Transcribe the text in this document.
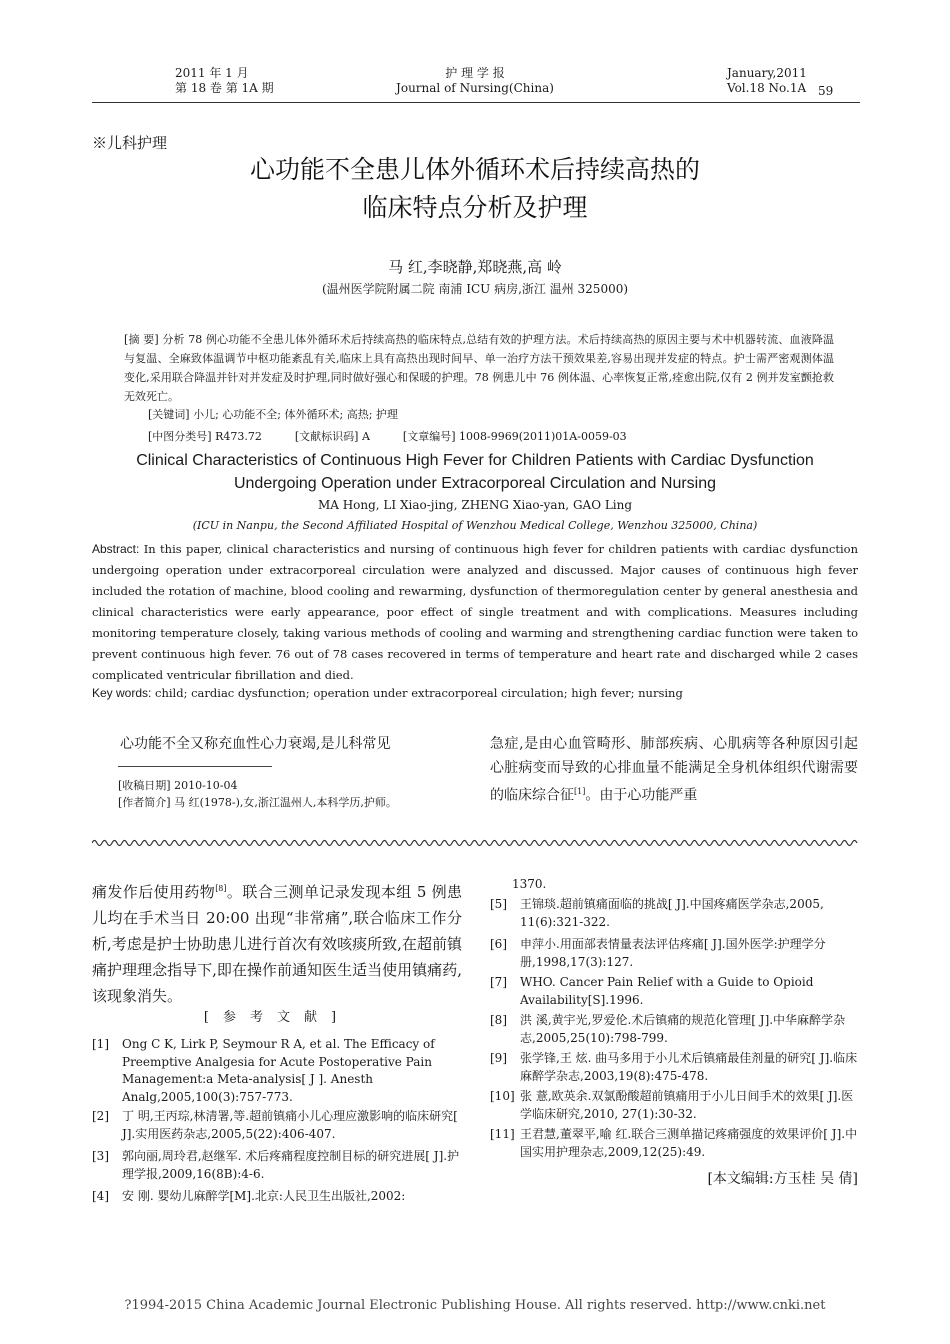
2011 年 1 月
第 18 卷 第 1A 期
护 理 学 报
Journal of Nursing(China)
January,2011
Vol.18 No.1A 59
※儿科护理
心功能不全患儿体外循环术后持续高热的
临床特点分析及护理
马 红,李晓静,郑晓燕,高 岭
(温州医学院附属二院 南浦 ICU 病房,浙江 温州 325000)
[摘 要] 分析 78 例心功能不全患儿体外循环术后持续高热的临床特点,总结有效的护理方法。术后持续高热的原因主要与术中机器转流、血液降温与复温、全麻致体温调节中枢功能紊乱有关,临床上具有高热出现时间早、单一治疗方法干预效果差,容易出现并发症的特点。护士需严密观测体温变化,采用联合降温并针对并发症及时护理,同时做好强心和保暖的护理。78 例患儿中 76 例体温、心率恢复正常,痊愈出院,仅有 2 例并发室颤抢救无效死亡。
[关键词] 小儿; 心功能不全; 体外循环术; 高热; 护理
[中图分类号] R473.72	[文献标识码] A	[文章编号] 1008-9969(2011)01A-0059-03
Clinical Characteristics of Continuous High Fever for Children Patients with Cardiac Dysfunction
Undergoing Operation under Extracorporeal Circulation and Nursing
MA Hong, LI Xiao-jing, ZHENG Xiao-yan, GAO Ling
(ICU in Nanpu, the Second Affiliated Hospital of Wenzhou Medical College, Wenzhou 325000, China)
Abstract: In this paper, clinical characteristics and nursing of continuous high fever for children patients with cardiac dysfunction undergoing operation under extracorporeal circulation were analyzed and discussed. Major causes of continuous high fever included the rotation of machine, blood cooling and rewarming, dysfunction of thermoregulation center by general anesthesia and clinical characteristics were early appearance, poor effect of single treatment and with complications. Measures including monitoring temperature closely, taking various methods of cooling and warming and strengthening cardiac function were taken to prevent continuous high fever. 76 out of 78 cases recovered in terms of temperature and heart rate and discharged while 2 cases complicated ventricular fibrillation and died.
Key words: child; cardiac dysfunction; operation under extracorporeal circulation; high fever; nursing
心功能不全又称充血性心力衰竭,是儿科常见	急症,是由心血管畸形、肺部疾病、心肌病等各种原因引起心脏病变而导致的心排血量不能满足全身机体组织代谢需要的临床综合征[1]。由于心功能严重
[收稿日期] 2010-10-04
[作者简介] 马 红(1978-),女,浙江温州人,本科学历,护师。
痛发作后使用药物[8]。联合三测单记录发现本组 5 例患儿均在手术当日 20:00 出现“非常痛”,联合临床工作分析,考虑是护士协助患儿进行首次有效咳痰所致,在超前镇痛护理理念指导下,即在操作前通知医生适当使用镇痛药,该现象消失。
[参考文献]
[1] Ong C K, Lirk P, Seymour R A, et al. The Efficacy of Preemptive Analgesia for Acute Postoperative Pain Management:a Meta-analysis[ J ]. Anesth Analg,2005,100(3):757-773.
[2] 丁 明,王丙琮,林清署,等.超前镇痛小儿心理应激影响的临床研究[ J].实用医药杂志,2005,5(22):406-407.
[3] 郭向丽,周玲君,赵继军. 术后疼痛程度控制目标的研究进展[ J].护理学报,2009,16(8B):4-6.
[4] 安 刚. 婴幼儿麻醉学[M].北京:人民卫生出版社,2002:
1370.
[5] 王锦琰.超前镇痛面临的挑战[ J].中国疼痛医学杂志,2005, 11(6):321-322.
[6] 申萍小.用面部表情量表法评估疼痛[ J].国外医学:护理学分册,1998,17(3):127.
[7] WHO. Cancer Pain Relief with a Guide to Opioid Availability[S].1996.
[8] 洪 溪,黄宇光,罗爱伦.术后镇痛的规范化管理[ J].中华麻醉学杂志,2005,25(10):798-799.
[9] 张学锋,王 炫. 曲马多用于小儿术后镇痛最佳剂量的研究[ J].临床麻醉学杂志,2003,19(8):475-478.
[10] 张 薏,欧英余.双氯酚酸超前镇痛用于小儿日间手术的效果[ J].医学临床研究,2010, 27(1):30-32.
[11] 王君慧,董翠平,喻 红.联合三测单描记疼痛强度的效果评价[ J].中国实用护理杂志,2009,12(25):49.
[本文编辑:方玉桂 吴 倩]
?1994-2015 China Academic Journal Electronic Publishing House. All rights reserved. http://www.cnki.net
